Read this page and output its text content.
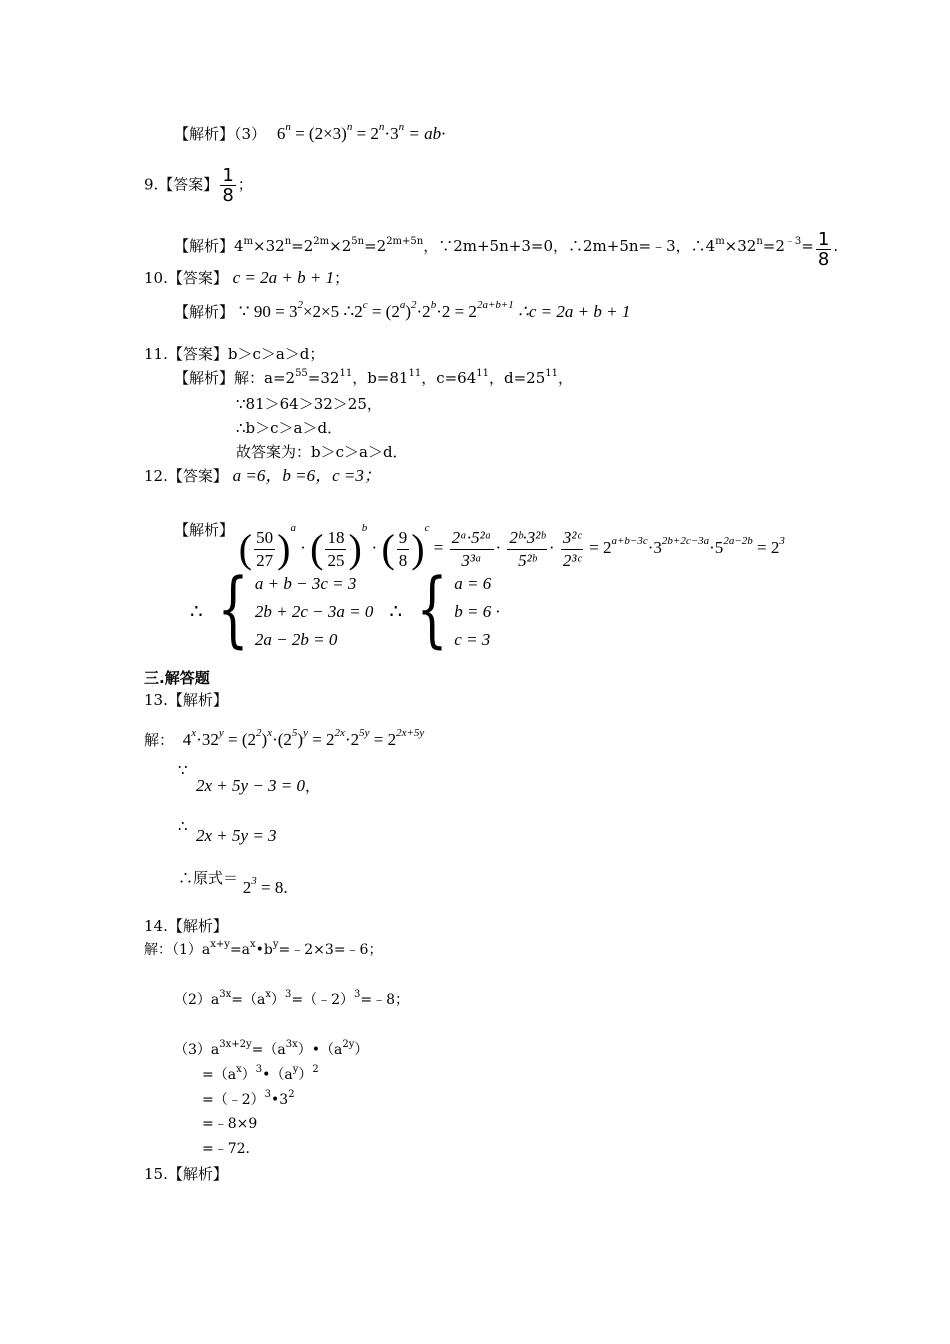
【解析】（3） $6^n = (2\times 3)^n = 2^n\cdot 3^n = ab\cdot$
9.【答案】 $\frac{1}{8}$ ；
【解析】$4^m\times 32^n=2^{2m}\times 2^{5n}=2^{2m+5n}$，∵2m+5n+3=0，∴2m+5n=﹣3，$\therefore 4^m\times 32^n=2^{﹣3}= \frac{1}{8}$ .
10.【答案】 c = 2a + b + 1；
【解析】 ∵ $90 = 3^2\times 2\times 5$ $\therefore 2^c = (2^a)^2\cdot 2^b\cdot 2 = 2^{2a+b+1}$ ∴c = 2a + b + 1
11.【答案】b＞c＞a＞d；
【解析】解：$a=2^{55}=32^{11}$，$b=81^{11}$，$c=64^{11}$，$d=25^{11}$，
∵81＞64＞32＞25，
∴b＞c＞a＞d．
故答案为：b＞c＞a＞d．
12.【答案】 a =6，b =6，c =3；
【解析】 ( $\frac{50}{27} )^a$ · ( $\frac{18}{25} )^b$ · ( $\frac{9}{8} )^c = \frac{\text{2ᵃ·5²ᵃ}}{\text{3³ᵃ}} \cdot \frac{\text{2ᵇ·3²ᵇ}}{\text{5²ᵇ}} \cdot \frac{\text{3²ᶜ}}{\text{2³ᶜ}} = 2^{a+b-3c}\cdot 3^{2b+2c-3a}\cdot 5^{2a-2b} = 2^3$
∴ { a + b − 3c = 3
2b + 2c − 3a = 0
2a − 2b = 0
∴ { a = 6
b = 6 ·
c = 3
三.解答题
13.【解析】
解： $4^x\cdot 32^y = (2^2)^x\cdot(2^5)^y = 2^{2x}\cdot 2^{5y} = 2^{2x+5y}$
∵
2x + 5y − 3 = 0，
∴ 2x + 5y = 3
∴原式＝ $2^3 = 8$.
14.【解析】
解：$(1)a^{x+y}=a^x•b^y=﹣2\times 3=﹣6$；
$(2)a^{3x}=(a^x)^3=(﹣2)^3=﹣8$；
$(3)a^{3x+2y}=(a^{3x})•(a^{2y})$
$=(a^x)^3•(a^y)^2$
$=(﹣2)^3•3^2$
=﹣8×9
=﹣72．
15.【解析】
